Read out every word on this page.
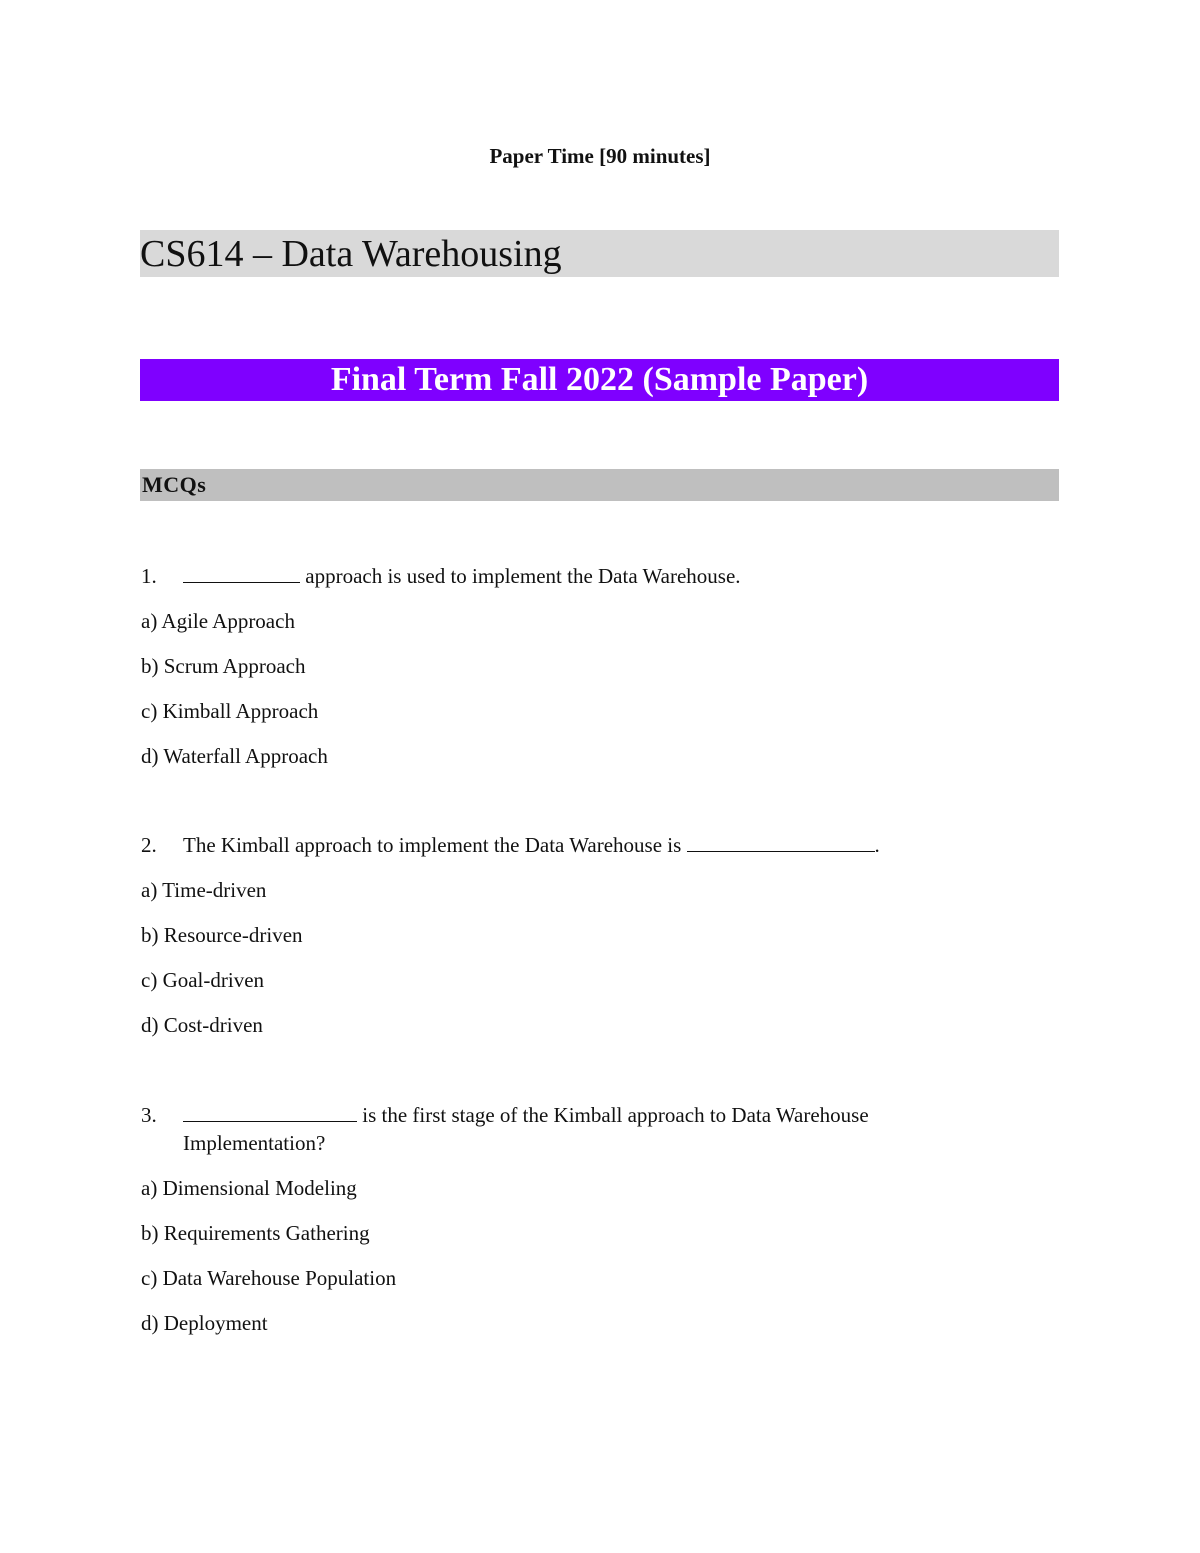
Paper Time [90 minutes]
CS614 – Data Warehousing
Final Term Fall 2022 (Sample Paper)
MCQs
1.	approach is used to implement the Data Warehouse.
a) Agile Approach
b) Scrum Approach
c) Kimball Approach
d) Waterfall Approach
2. The Kimball approach to implement the Data Warehouse is	.
a) Time-driven
b) Resource-driven
c) Goal-driven
d) Cost-driven
3.	is the first stage of the Kimball approach to Data Warehouse
Implementation?
a) Dimensional Modeling
b) Requirements Gathering
c) Data Warehouse Population
d) Deployment
